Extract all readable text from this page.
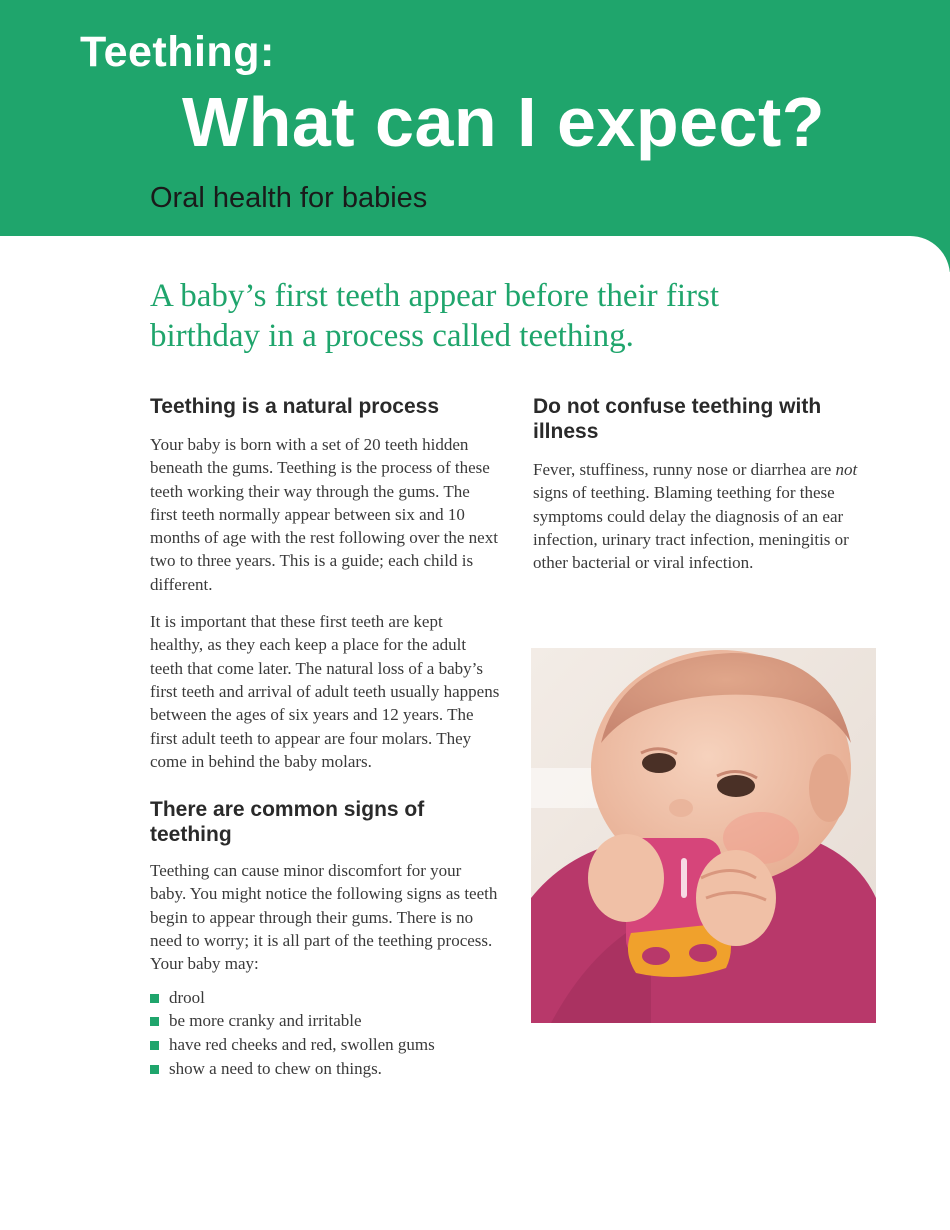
Teething:
What can I expect?
Oral health for babies
A baby’s first teeth appear before their first birthday in a process called teething.
Teething is a natural process

Your baby is born with a set of 20 teeth hidden beneath the gums. Teething is the process of these teeth working their way through the gums. The first teeth normally appear between six and 10 months of age with the rest following over the next two to three years. This is a guide; each child is different.

It is important that these first teeth are kept healthy, as they each keep a place for the adult teeth that come later. The natural loss of a baby’s first teeth and arrival of adult teeth usually happens between the ages of six years and 12 years. The first adult teeth to appear are four molars. They come in behind the baby molars.

There are common signs of teething

Teething can cause minor discomfort for your baby. You might notice the following signs as teeth begin to appear through their gums. There is no need to worry; it is all part of the teething process. Your baby may:

drool
be more cranky and irritable
have red cheeks and red, swollen gums
show a need to chew on things.
Do not confuse teething with illness

Fever, stuffiness, runny nose or diarrhea are not signs of teething. Blaming teething for these symptoms could delay the diagnosis of an ear infection, urinary tract infection, meningitis or other bacterial or viral infection.
